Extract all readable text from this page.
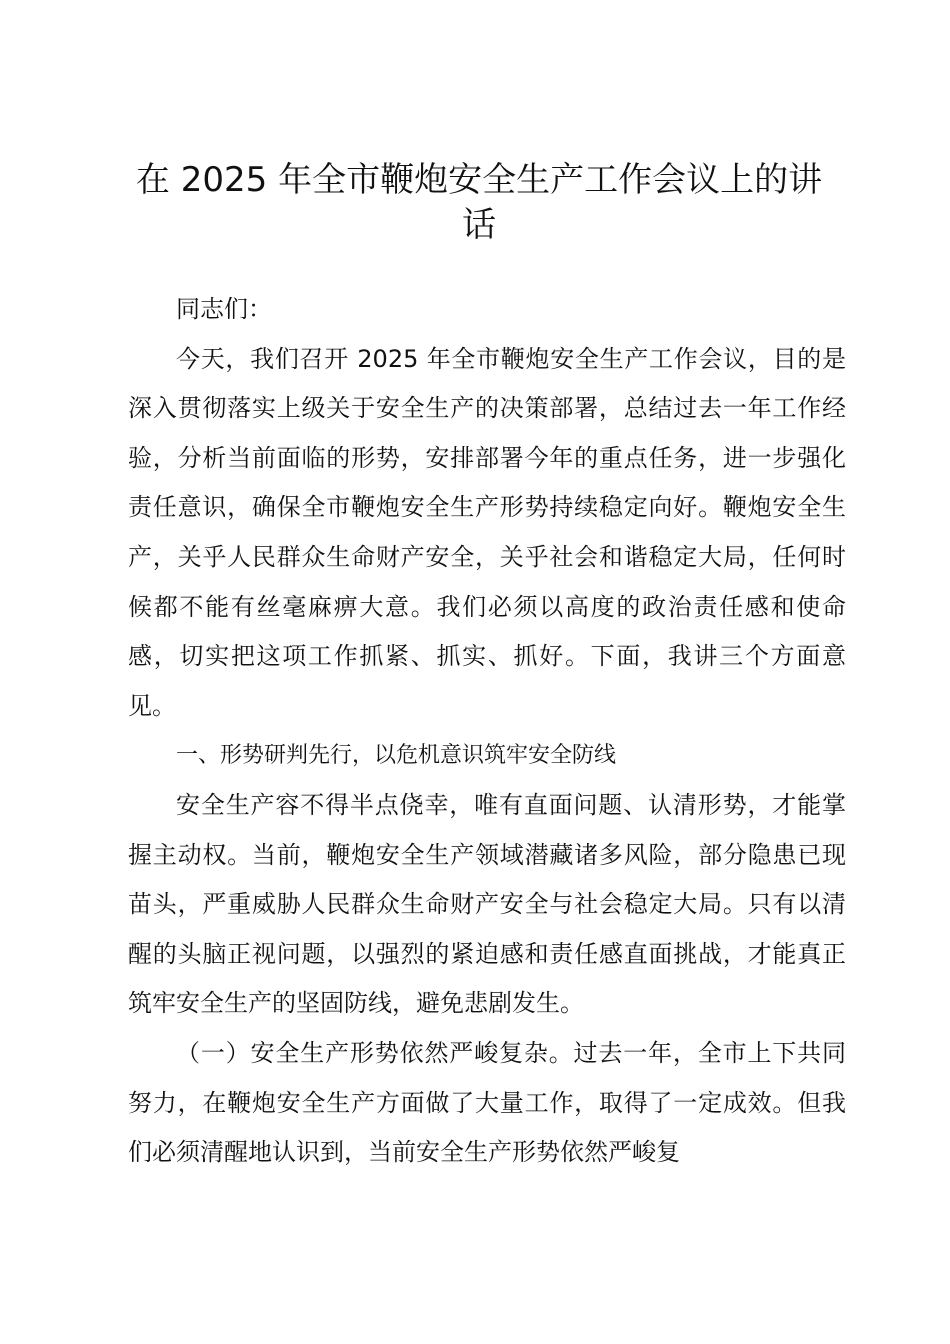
在 2025 年全市鞭炮安全生产工作会议上的讲话

同志们：

今天，我们召开 2025 年全市鞭炮安全生产工作会议，目的是深入贯彻落实上级关于安全生产的决策部署，总结过去一年工作经验，分析当前面临的形势，安排部署今年的重点任务，进一步强化责任意识，确保全市鞭炮安全生产形势持续稳定向好。鞭炮安全生产，关乎人民群众生命财产安全，关乎社会和谐稳定大局，任何时候都不能有丝毫麻痹大意。我们必须以高度的政治责任感和使命感，切实把这项工作抓紧、抓实、抓好。下面，我讲三个方面意见。

一、形势研判先行，以危机意识筑牢安全防线

安全生产容不得半点侥幸，唯有直面问题、认清形势，才能掌握主动权。当前，鞭炮安全生产领域潜藏诸多风险，部分隐患已现苗头，严重威胁人民群众生命财产安全与社会稳定大局。只有以清醒的头脑正视问题，以强烈的紧迫感和责任感直面挑战，才能真正筑牢安全生产的坚固防线，避免悲剧发生。

（一）安全生产形势依然严峻复杂。过去一年，全市上下共同努力，在鞭炮安全生产方面做了大量工作，取得了一定成效。但我们必须清醒地认识到，当前安全生产形势依然严峻复
